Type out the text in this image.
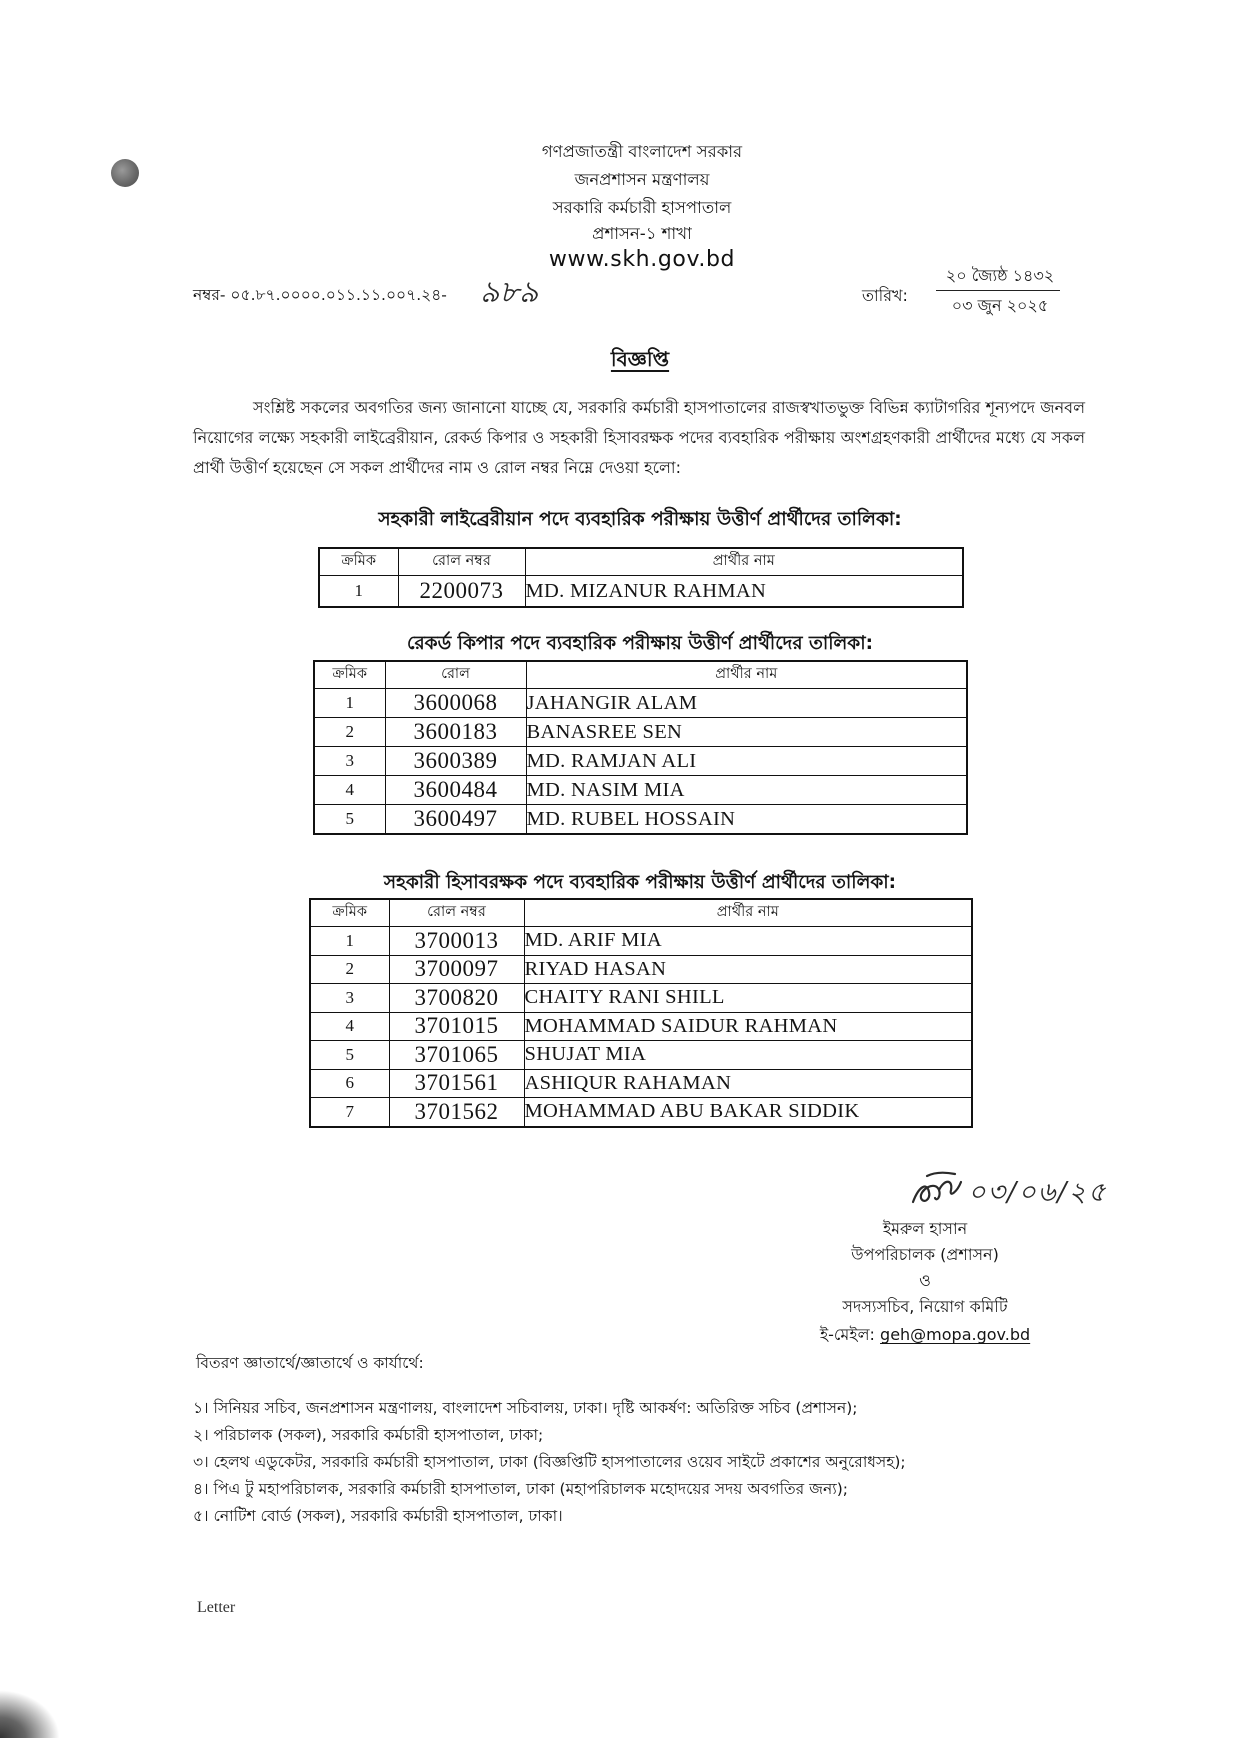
গণপ্রজাতন্ত্রী বাংলাদেশ সরকার
জনপ্রশাসন মন্ত্রণালয়
সরকারি কর্মচারী হাসপাতাল
প্রশাসন-১ শাখা
www.skh.gov.bd
নম্বর- ০৫.৮৭.০০০০.০১১.১১.০০৭.২৪- ৯৮৯	তারিখ:
২০ জ্যৈষ্ঠ ১৪৩২
০৩ জুন ২০২৫
বিজ্ঞপ্তি
সংশ্লিষ্ট সকলের অবগতির জন্য জানানো যাচ্ছে যে, সরকারি কর্মচারী হাসপাতালের রাজস্বখাতভুক্ত বিভিন্ন ক্যাটাগরির শূন্যপদে জনবল নিয়োগের লক্ষ্যে সহকারী লাইব্রেরীয়ান, রেকর্ড কিপার ও সহকারী হিসাবরক্ষক পদের ব্যবহারিক পরীক্ষায় অংশগ্রহণকারী প্রার্থীদের মধ্যে যে সকল প্রার্থী উত্তীর্ণ হয়েছেন সে সকল প্রার্থীদের নাম ও রোল নম্বর নিম্নে দেওয়া হলো:
সহকারী লাইব্রেরীয়ান পদে ব্যবহারিক পরীক্ষায় উত্তীর্ণ প্রার্থীদের তালিকা:
ক্রমিক	রোল নম্বর	প্রার্থীর নাম
1	2200073	MD. MIZANUR RAHMAN
রেকর্ড কিপার পদে ব্যবহারিক পরীক্ষায় উত্তীর্ণ প্রার্থীদের তালিকা:
ক্রমিক	রোল	প্রার্থীর নাম
1	3600068	JAHANGIR ALAM
2	3600183	BANASREE SEN
3	3600389	MD. RAMJAN ALI
4	3600484	MD. NASIM MIA
5	3600497	MD. RUBEL HOSSAIN
সহকারী হিসাবরক্ষক পদে ব্যবহারিক পরীক্ষায় উত্তীর্ণ প্রার্থীদের তালিকা:
ক্রমিক	রোল নম্বর	প্রার্থীর নাম
1	3700013	MD. ARIF MIA
2	3700097	RIYAD HASAN
3	3700820	CHAITY RANI SHILL
4	3701015	MOHAMMAD SAIDUR RAHMAN
5	3701065	SHUJAT MIA
6	3701561	ASHIQUR RAHAMAN
7	3701562	MOHAMMAD ABU BAKAR SIDDIK
০৩/০৬/২৫
ইমরুল হাসান
উপপরিচালক (প্রশাসন)
ও
সদস্যসচিব, নিয়োগ কমিটি
ই-মেইল: geh@mopa.gov.bd
বিতরণ জ্ঞাতার্থে/জ্ঞাতার্থে ও কার্যার্থে:
১। সিনিয়র সচিব, জনপ্রশাসন মন্ত্রণালয়, বাংলাদেশ সচিবালয়, ঢাকা। দৃষ্টি আকর্ষণ: অতিরিক্ত সচিব (প্রশাসন);
২। পরিচালক (সকল), সরকারি কর্মচারী হাসপাতাল, ঢাকা;
৩। হেলথ এডুকেটর, সরকারি কর্মচারী হাসপাতাল, ঢাকা (বিজ্ঞপ্তিটি হাসপাতালের ওয়েব সাইটে প্রকাশের অনুরোধসহ);
৪। পিএ টু মহাপরিচালক, সরকারি কর্মচারী হাসপাতাল, ঢাকা (মহাপরিচালক মহোদয়ের সদয় অবগতির জন্য);
৫। নোটিশ বোর্ড (সকল), সরকারি কর্মচারী হাসপাতাল, ঢাকা।
Letter
